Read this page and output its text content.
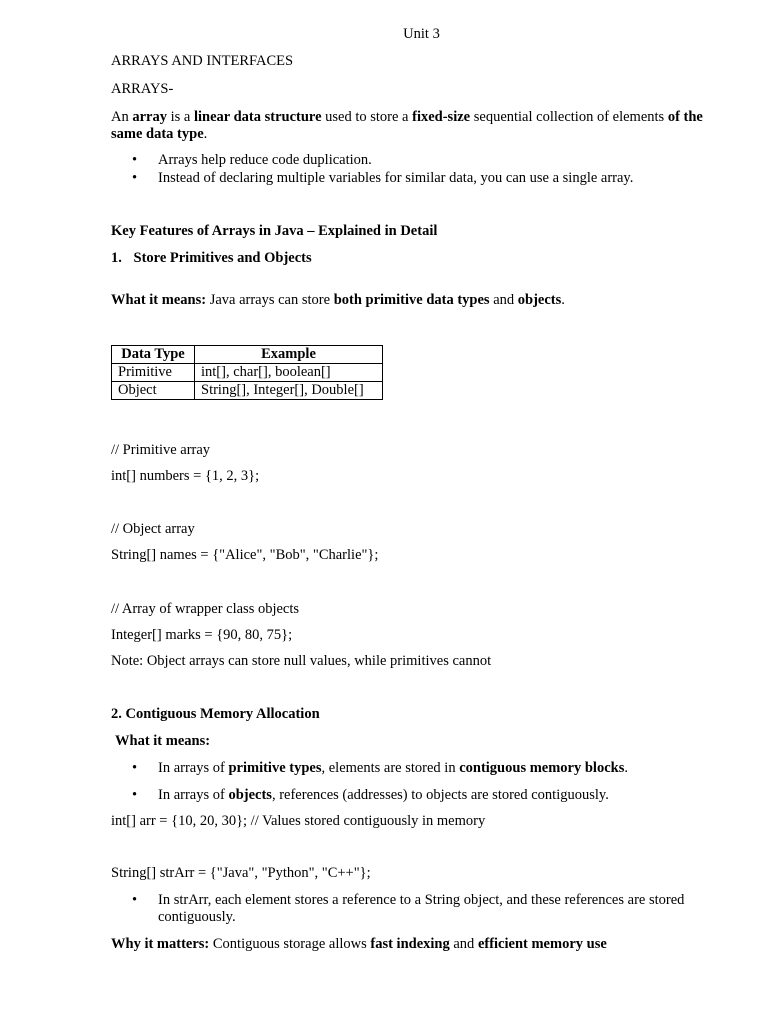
Unit 3
ARRAYS AND INTERFACES
ARRAYS-
An array is a linear data structure used to store a fixed-size sequential collection of elements of the same data type.
• Arrays help reduce code duplication.
• Instead of declaring multiple variables for similar data, you can use a single array.
Key Features of Arrays in Java – Explained in Detail
1. Store Primitives and Objects
What it means: Java arrays can store both primitive data types and objects.
Data Type	Example
Primitive	int[], char[], boolean[]
Object	String[], Integer[], Double[]
// Primitive array
int[] numbers = {1, 2, 3};
// Object array
String[] names = {"Alice", "Bob", "Charlie"};
// Array of wrapper class objects
Integer[] marks = {90, 80, 75};
Note: Object arrays can store null values, while primitives cannot
2. Contiguous Memory Allocation
What it means:
• In arrays of primitive types, elements are stored in contiguous memory blocks.
• In arrays of objects, references (addresses) to objects are stored contiguously.
int[] arr = {10, 20, 30}; // Values stored contiguously in memory
String[] strArr = {"Java", "Python", "C++"};
• In strArr, each element stores a reference to a String object, and these references are stored contiguously.
Why it matters: Contiguous storage allows fast indexing and efficient memory use
